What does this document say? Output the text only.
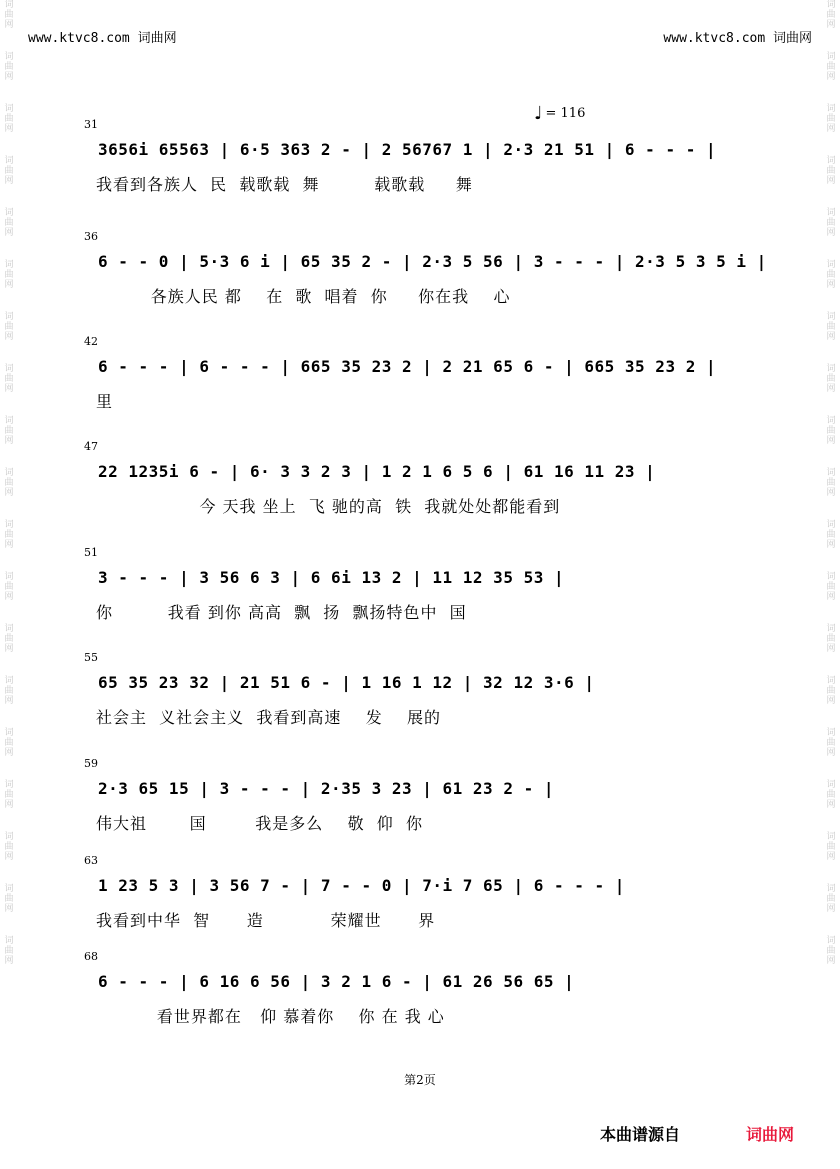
词
曲
网
词
曲
网
词
曲
网
词
曲
网
词
曲
网
词
曲
网
词
曲
网
词
曲
网
词
曲
网
词
曲
网
词
曲
网
词
曲
网
词
曲
网
词
曲
网
词
曲
网
词
曲
网
词
曲
网
词
曲
网
词
曲
网
词
曲
网
词
曲
网
词
曲
网
词
曲
网
词
曲
网
词
曲
网
词
曲
网
词
曲
网
词
曲
网
词
曲
网
词
曲
网
词
曲
网
词
曲
网
词
曲
网
词
曲
网
词
曲
网
词
曲
网
词
曲
网
词
曲
网
www.ktvc8.com 词曲网	www.ktvc8.com 词曲网
♩ = 116
31
3656i 65563 | 6·5 363 2 - | 2 56767 1 | 2·3 21 51 | 6 - - - |
我看到各族人  民  载歌载  舞         载歌载     舞
36
6 - - 0 | 5·3 6 i | 65 35 2 - | 2·3 5 56 | 3 - - - | 2·3 5 3 5 i |
各族人民 都    在  歌  唱着  你     你在我    心
42
6 - - - | 6 - - - | 665 35 23 2 | 2 21 65 6 - | 665 35 23 2 |
里
47
22 1235i 6 - | 6· 3 3 2 3 | 1 2 1 6 5 6 | 61 16 11 23 |
今 天我 坐上  飞 驰的高  铁  我就处处都能看到
51
3 - - - | 3 56 6 3 | 6 6i 13 2 | 11 12 35 53 |
你         我看 到你 高高  飘  扬  飘扬特色中  国
55
65 35 23 32 | 21 51 6 - | 1 16 1 12 | 32 12 3·6 |
社会主  义社会主义  我看到高速    发    展的
59
2·3 65 15 | 3 - - - | 2·35 3 23 | 61 23 2 - |
伟大祖       国        我是多么    敬  仰  你
63
1 23 5 3 | 3 56 7 - | 7 - - 0 | 7·i 7 65 | 6 - - - |
我看到中华  智      造           荣耀世      界
68
6 - - - | 6 16 6 56 | 3 2 1 6 - | 61 26 56 65 |
看世界都在   仰 慕着你    你 在 我 心
第2页
本曲谱源自	词曲网
